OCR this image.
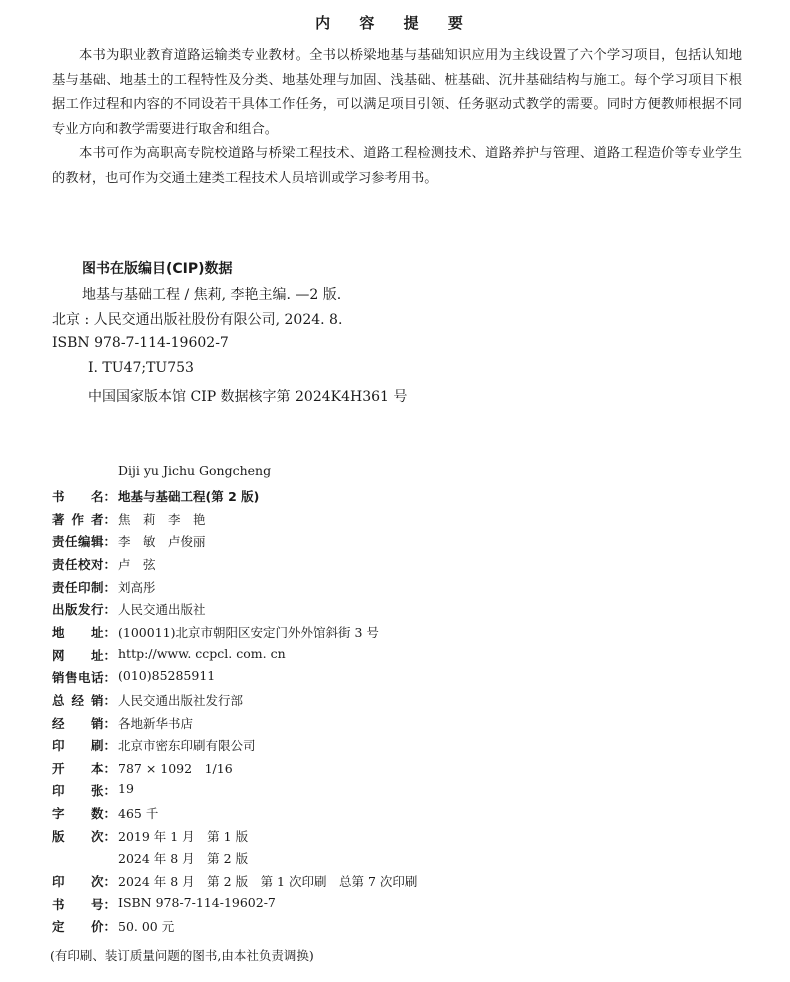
内 容 提 要
本书为职业教育道路运输类专业教材。全书以桥梁地基与基础知识应用为主线设置了六个学习项目，包括认知地基与基础、地基土的工程特性及分类、地基处理与加固、浅基础、桩基础、沉井基础结构与施工。每个学习项目下根据工作过程和内容的不同设若干具体工作任务，可以满足项目引领、任务驱动式教学的需要。同时方便教师根据不同专业方向和教学需要进行取舍和组合。
本书可作为高职高专院校道路与桥梁工程技术、道路工程检测技术、道路养护与管理、道路工程造价等专业学生的教材，也可作为交通土建类工程技术人员培训或学习参考用书。
图书在版编目(CIP)数据
地基与基础工程 / 焦莉, 李艳主编. —2 版.
北京 : 人民交通出版社股份有限公司, 2024. 8.
ISBN 978-7-114-19602-7
Ⅰ. TU47;TU753
中国国家版本馆 CIP 数据核字第 2024K4H361 号
Diji yu Jichu Gongcheng
书 名： 地基与基础工程(第 2 版)
著 作 者： 焦　莉　李　艳
责 任 编 辑： 李　敏　卢俊丽
责 任 校 对： 卢　弦
责 任 印 制： 刘高彤
出 版 发 行： 人民交通出版社
地 址： (100011)北京市朝阳区安定门外外馆斜街 3 号
网 址： http://www. ccpcl. com. cn
销 售 电 话： (010)85285911
总 经 销： 人民交通出版社发行部
经 销： 各地新华书店
印 刷： 北京市密东印刷有限公司
开 本： 787 × 1092　1/16
印 张： 19
字 数： 465 千
版 次： 2019 年 1 月　第 1 版
2024 年 8 月　第 2 版
印 次： 2024 年 8 月　第 2 版　第 1 次印刷　总第 7 次印刷
书 号： ISBN 978-7-114-19602-7
定 价： 50. 00 元
(有印刷、装订质量问题的图书,由本社负责调换)
